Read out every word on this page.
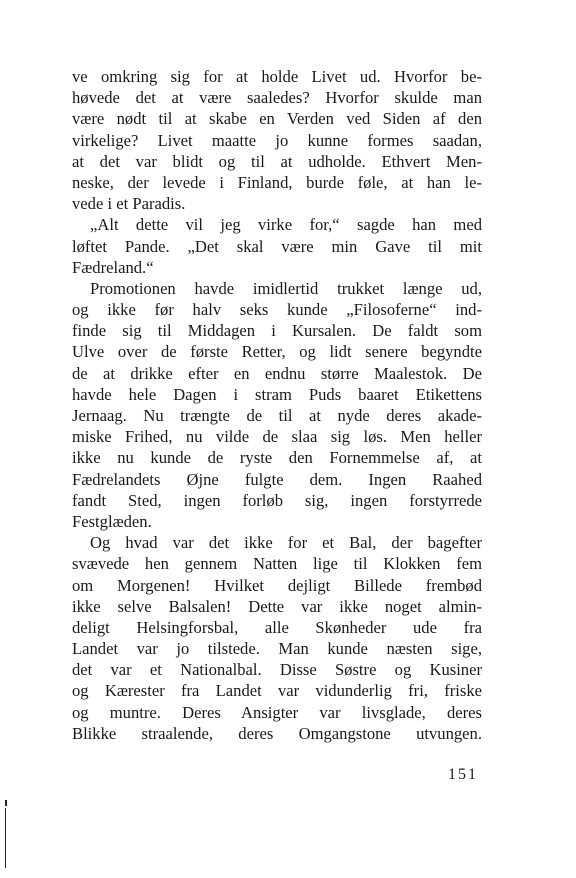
ve omkring sig for at holde Livet ud. Hvorfor be-
høvede det at være saaledes? Hvorfor skulde man
være nødt til at skabe en Verden ved Siden af den
virkelige? Livet maatte jo kunne formes saadan,
at det var blidt og til at udholde. Ethvert Men-
neske, der levede i Finland, burde føle, at han le-
vede i et Paradis.
„Alt dette vil jeg virke for,“ sagde han med
løftet Pande. „Det skal være min Gave til mit
Fædreland.“
Promotionen havde imidlertid trukket længe ud,
og ikke før halv seks kunde „Filosoferne“ ind-
finde sig til Middagen i Kursalen. De faldt som
Ulve over de første Retter, og lidt senere begyndte
de at drikke efter en endnu større Maalestok. De
havde hele Dagen i stram Puds baaret Etikettens
Jernaag. Nu trængte de til at nyde deres akade-
miske Frihed, nu vilde de slaa sig løs. Men heller
ikke nu kunde de ryste den Fornemmelse af, at
Fædrelandets Øjne fulgte dem. Ingen Raahed
fandt Sted, ingen forløb sig, ingen forstyrrede
Festglæden.
Og hvad var det ikke for et Bal, der bagefter
svævede hen gennem Natten lige til Klokken fem
om Morgenen! Hvilket dejligt Billede frembød
ikke selve Balsalen! Dette var ikke noget almin-
deligt Helsingforsbal, alle Skønheder ude fra
Landet var jo tilstede. Man kunde næsten sige,
det var et Nationalbal. Disse Søstre og Kusiner
og Kærester fra Landet var vidunderlig fri, friske
og muntre. Deres Ansigter var livsglade, deres
Blikke straalende, deres Omgangstone utvungen.
151
